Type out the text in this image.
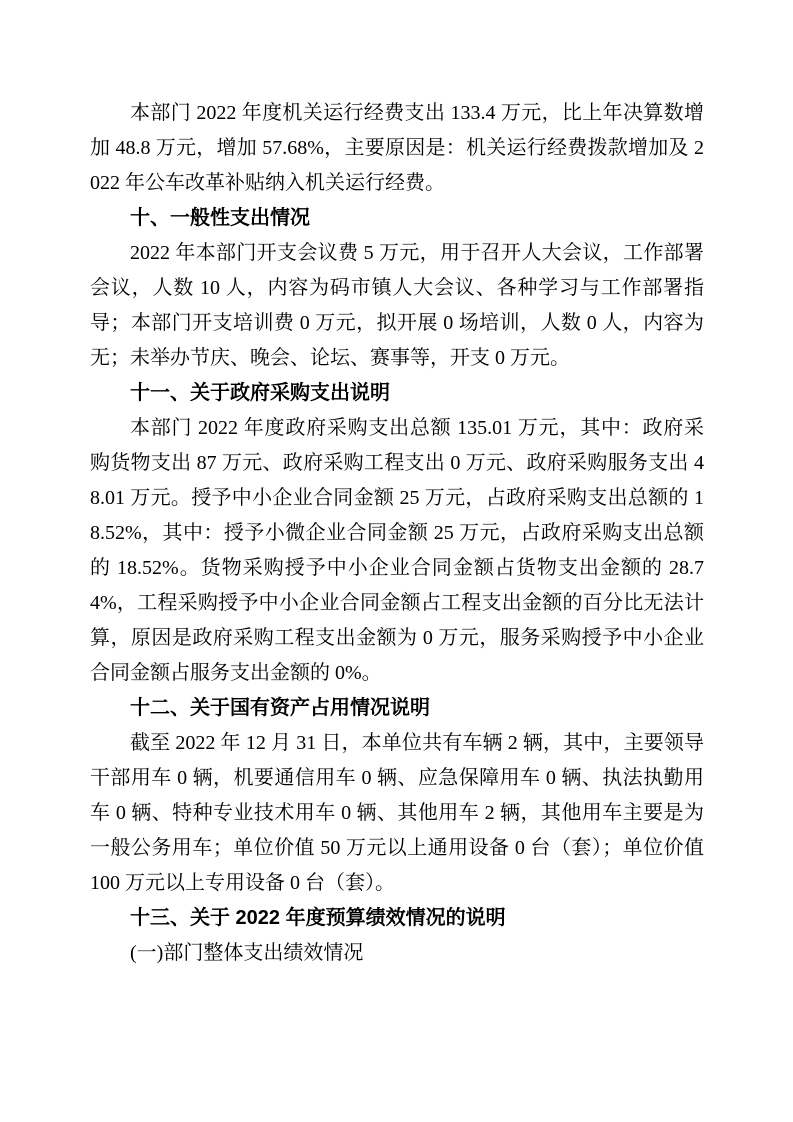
本部门 2022 年度机关运行经费支出 133.4 万元，比上年决算数增加 48.8 万元，增加 57.68%，主要原因是：机关运行经费拨款增加及 2022 年公车改革补贴纳入机关运行经费。

十、一般性支出情况

2022 年本部门开支会议费 5 万元，用于召开人大会议，工作部署会议，人数 10 人，内容为码市镇人大会议、各种学习与工作部署指导；本部门开支培训费 0 万元，拟开展 0 场培训，人数 0 人，内容为无；未举办节庆、晚会、论坛、赛事等，开支 0 万元。

十一、关于政府采购支出说明

本部门 2022 年度政府采购支出总额 135.01 万元，其中：政府采购货物支出 87 万元、政府采购工程支出 0 万元、政府采购服务支出 48.01 万元。授予中小企业合同金额 25 万元，占政府采购支出总额的 18.52%，其中：授予小微企业合同金额 25 万元，占政府采购支出总额的 18.52%。货物采购授予中小企业合同金额占货物支出金额的 28.74%，工程采购授予中小企业合同金额占工程支出金额的百分比无法计算，原因是政府采购工程支出金额为 0 万元，服务采购授予中小企业合同金额占服务支出金额的 0%。

十二、关于国有资产占用情况说明

截至 2022 年 12 月 31 日，本单位共有车辆 2 辆，其中，主要领导干部用车 0 辆，机要通信用车 0 辆、应急保障用车 0 辆、执法执勤用车 0 辆、特种专业技术用车 0 辆、其他用车 2 辆，其他用车主要是为一般公务用车；单位价值 50 万元以上通用设备 0 台（套）；单位价值 100 万元以上专用设备 0 台（套）。

十三、关于 2022 年度预算绩效情况的说明

(一)部门整体支出绩效情况
